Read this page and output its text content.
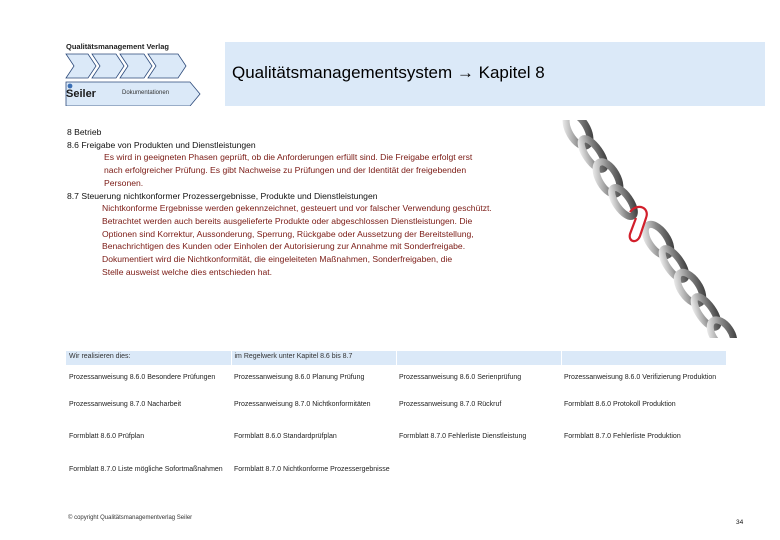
Qualitätsmanagement Verlag
Seiler	Dokumentationen
Qualitätsmanagementsystem → Kapitel 8
8 Betrieb
8.6 Freigabe von Produkten und Dienstleistungen
Es wird in geeigneten Phasen geprüft, ob die Anforderungen erfüllt sind. Die Freigabe erfolgt erst
nach erfolgreicher Prüfung. Es gibt Nachweise zu Prüfungen und der Identität der freigebenden
Personen.
8.7 Steuerung nichtkonformer Prozessergebnisse, Produkte und Dienstleistungen
Nichtkonforme Ergebnisse werden gekennzeichnet, gesteuert und vor falscher Verwendung geschützt.
Betrachtet werden auch bereits ausgelieferte Produkte oder abgeschlossen Dienstleistungen. Die
Optionen sind Korrektur, Aussonderung, Sperrung, Rückgabe oder Aussetzung der Bereitstellung,
Benachrichtigen des Kunden oder Einholen der Autorisierung zur Annahme mit Sonderfreigabe.
Dokumentiert wird die Nichtkonformität, die eingeleiteten Maßnahmen, Sonderfreigaben, die
Stelle ausweist welche dies entschieden hat.
Wir realisieren dies:	im Regelwerk unter Kapitel 8.6 bis 8.7		
Prozessanweisung 8.6.0 Besondere Prüfungen	Prozessanweisung 8.6.0 Planung Prüfung	Prozessanweisung 8.6.0 Serienprüfung	Prozessanweisung 8.6.0 Verifizierung Produktion
Prozessanweisung 8.7.0 Nacharbeit	Prozessanweisung 8.7.0 Nichtkonformitäten	Prozessanweisung 8.7.0 Rückruf	Formblatt 8.6.0 Protokoll Produktion
Formblatt 8.6.0 Prüfplan	Formblatt 8.6.0 Standardprüfplan	Formblatt 8.7.0 Fehlerliste Dienstleistung	Formblatt 8.7.0 Fehlerliste Produktion
Formblatt 8.7.0 Liste mögliche Sofortmaßnahmen	Formblatt 8.7.0 Nichtkonforme Prozessergebnisse		
© copyright Qualitätsmanagementverlag Seiler
34
